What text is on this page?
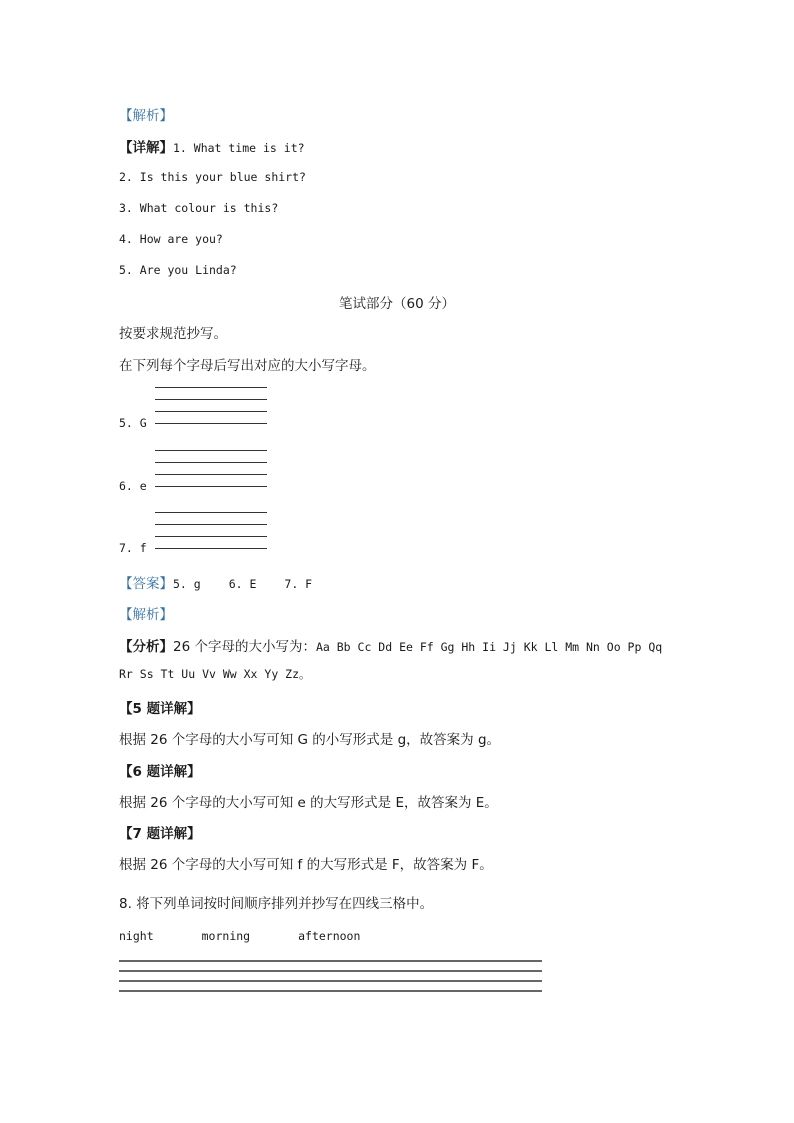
【解析】
【详解】1. What time is it?
2. Is this your blue shirt?
3. What colour is this?
4. How are you?
5. Are you Linda?
笔试部分（60 分）
按要求规范抄写。
在下列每个字母后写出对应的大小写字母。
5. G
6. e
7. f
【答案】5. g 6. E 7. F
【解析】
【分析】26 个字母的大小写为：Aa Bb Cc Dd Ee Ff Gg Hh Ii Jj Kk Ll Mm Nn Oo Pp Qq
Rr Ss Tt Uu Vv Ww Xx Yy Zz。
【5 题详解】
根据 26 个字母的大小写可知 G 的小写形式是 g，故答案为 g。
【6 题详解】
根据 26 个字母的大小写可知 e 的大写形式是 E，故答案为 E。
【7 题详解】
根据 26 个字母的大小写可知 f 的大写形式是 F，故答案为 F。
8. 将下列单词按时间顺序排列并抄写在四线三格中。
night	morning	afternoon
